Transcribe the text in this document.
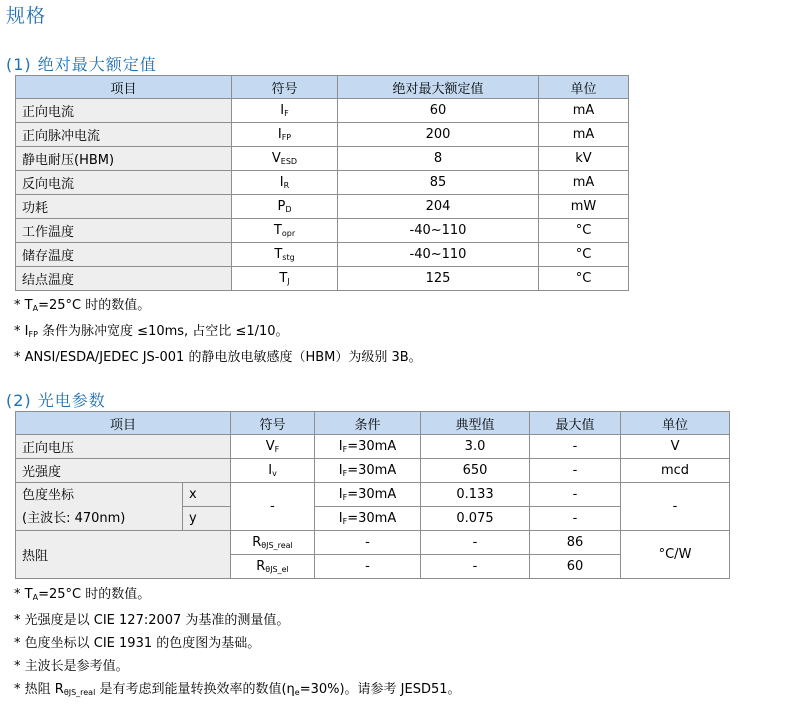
规格
(1) 绝对最大额定值
项目	符号	绝对最大额定值	单位
正向电流	$I_F$	60	mA
正向脉冲电流	$I_{FP}$	200	mA
静电耐压(HBM)	$V_{ESD}$	8	kV
反向电流	$I_R$	85	mA
功耗	$P_D$	204	mW
工作温度	$T_{opr}$	-40~110	°C
储存温度	$T_{stg}$	-40~110	°C
结点温度	$T_J$	125	°C
* $T_A=25^\circ C$ 时的数值。
* $I_{FP}$ 条件为脉冲宽度 ≤10ms, 占空比 ≤1/10。
* ANSI/ESDA/JEDEC JS-001 的静电放电敏感度（HBM）为级别 3B。
(2) 光电参数
项目		符号	条件	典型值	最大值	单位
正向电压		$V_F$	$I_F=30mA$	3.0	-	V
光强度		$I_v$	$I_F=30mA$	650	-	mcd

色度坐标
(主波长: 470nm)	x	-	$I_F=30mA$	0.133	-	-
	y		$I_F=30mA$	0.075	-	
热阻		$R_{\theta JS\_real}$	-	-	86	°C/W
		$R_{\theta JS\_el}$	-	-	60	
* $T_A=25^\circ C$ 时的数值。
* 光强度是以 CIE 127:2007 为基准的测量值。
* 色度坐标以 CIE 1931 的色度图为基础。
* 主波长是参考值。
* 热阻 $R_{\theta JS\_real}$ 是有考虑到能量转换效率的数值$(\eta_e=30\%)$。请参考 JESD51。
